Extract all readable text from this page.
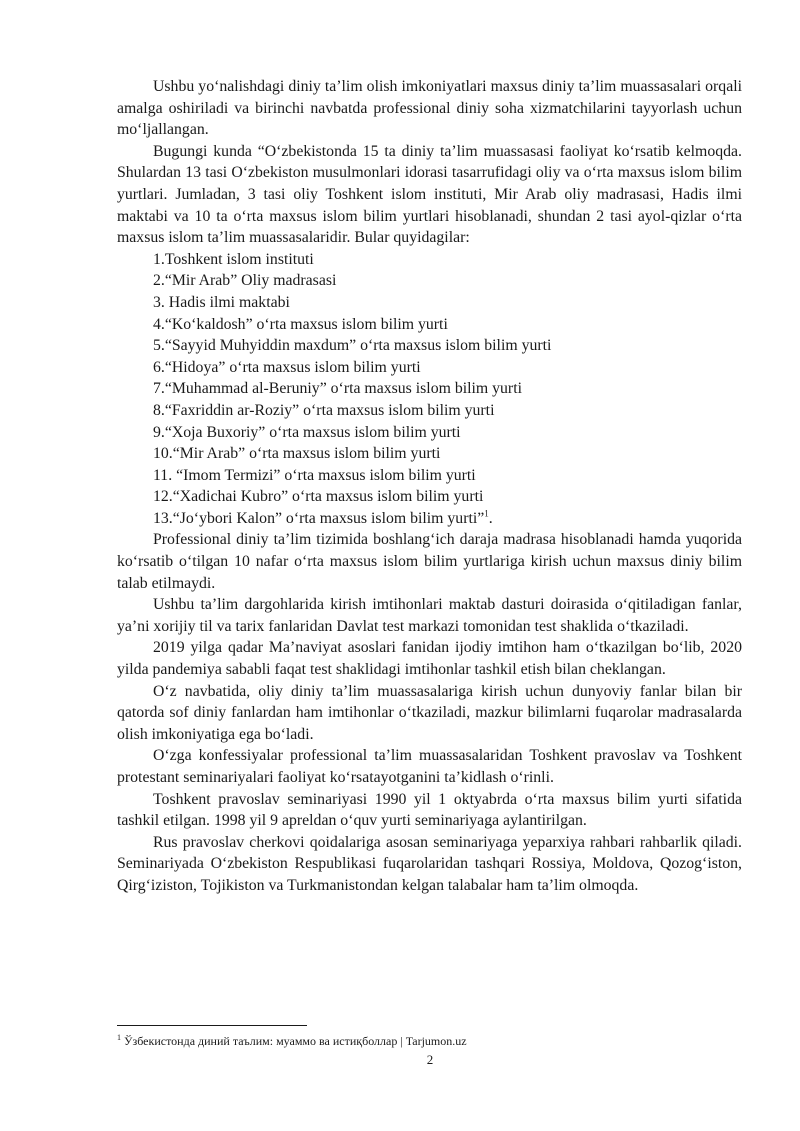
Ushbu yo‘nalishdagi diniy ta’lim olish imkoniyatlari maxsus diniy ta’lim muassasalari orqali amalga oshiriladi va birinchi navbatda professional diniy soha xizmatchilarini tayyorlash uchun mo‘ljallangan.

Bugungi kunda “O‘zbekistonda 15 ta diniy ta’lim muassasasi faoliyat ko‘rsatib kelmoqda. Shulardan 13 tasi O‘zbekiston musulmonlari idorasi tasarrufidagi oliy va o‘rta maxsus islom bilim yurtlari. Jumladan, 3 tasi oliy Toshkent islom instituti, Mir Arab oliy madrasasi, Hadis ilmi maktabi va 10 ta o‘rta maxsus islom bilim yurtlari hisoblanadi, shundan 2 tasi ayol-qizlar o‘rta maxsus islom ta’lim muassasalaridir. Bular quyidagilar:

1.Toshkent islom instituti
2.“Mir Arab” Oliy madrasasi
3. Hadis ilmi maktabi
4.“Ko‘kaldosh” o‘rta maxsus islom bilim yurti
5.“Sayyid Muhyiddin maxdum” o‘rta maxsus islom bilim yurti
6.“Hidoya” o‘rta maxsus islom bilim yurti
7.“Muhammad al-Beruniy” o‘rta maxsus islom bilim yurti
8.“Faxriddin ar-Roziy” o‘rta maxsus islom bilim yurti
9.“Xoja Buxoriy” o‘rta maxsus islom bilim yurti
10.“Mir Arab” o‘rta maxsus islom bilim yurti
11. “Imom Termizi” o‘rta maxsus islom bilim yurti
12.“Xadichai Kubro” o‘rta maxsus islom bilim yurti
13.“Jo‘ybori Kalon” o‘rta maxsus islom bilim yurti”$^1$.

Professional diniy ta’lim tizimida boshlang‘ich daraja madrasa hisoblanadi hamda yuqorida ko‘rsatib o‘tilgan 10 nafar o‘rta maxsus islom bilim yurtlariga kirish uchun maxsus diniy bilim talab etilmaydi.

Ushbu ta’lim dargohlarida kirish imtihonlari maktab dasturi doirasida o‘qitiladigan fanlar, ya’ni xorijiy til va tarix fanlaridan Davlat test markazi tomonidan test shaklida o‘tkaziladi.

2019 yilga qadar Ma’naviyat asoslari fanidan ijodiy imtihon ham o‘tkazilgan bo‘lib, 2020 yilda pandemiya sababli faqat test shaklidagi imtihonlar tashkil etish bilan cheklangan.

O‘z navbatida, oliy diniy ta’lim muassasalariga kirish uchun dunyoviy fanlar bilan bir qatorda sof diniy fanlardan ham imtihonlar o‘tkaziladi, mazkur bilimlarni fuqarolar madrasalarda olish imkoniyatiga ega bo‘ladi.

O‘zga konfessiyalar professional ta’lim muassasalaridan Toshkent pravoslav va Toshkent protestant seminariyalari faoliyat ko‘rsatayotganini ta’kidlash o‘rinli.

Toshkent pravoslav seminariyasi 1990 yil 1 oktyabrda o‘rta maxsus bilim yurti sifatida tashkil etilgan. 1998 yil 9 apreldan o‘quv yurti seminariyaga aylantirilgan.

Rus pravoslav cherkovi qoidalariga asosan seminariyaga yeparxiya rahbari rahbarlik qiladi. Seminariyada O‘zbekiston Respublikasi fuqarolaridan tashqari Rossiya, Moldova, Qozog‘iston, Qirg‘iziston, Tojikiston va Turkmanistondan kelgan talabalar ham ta’lim olmoqda.

$^1$ Ўзбекистонда диний таълим: муаммо ва истиқболлар | Tarjumon.uz
2
